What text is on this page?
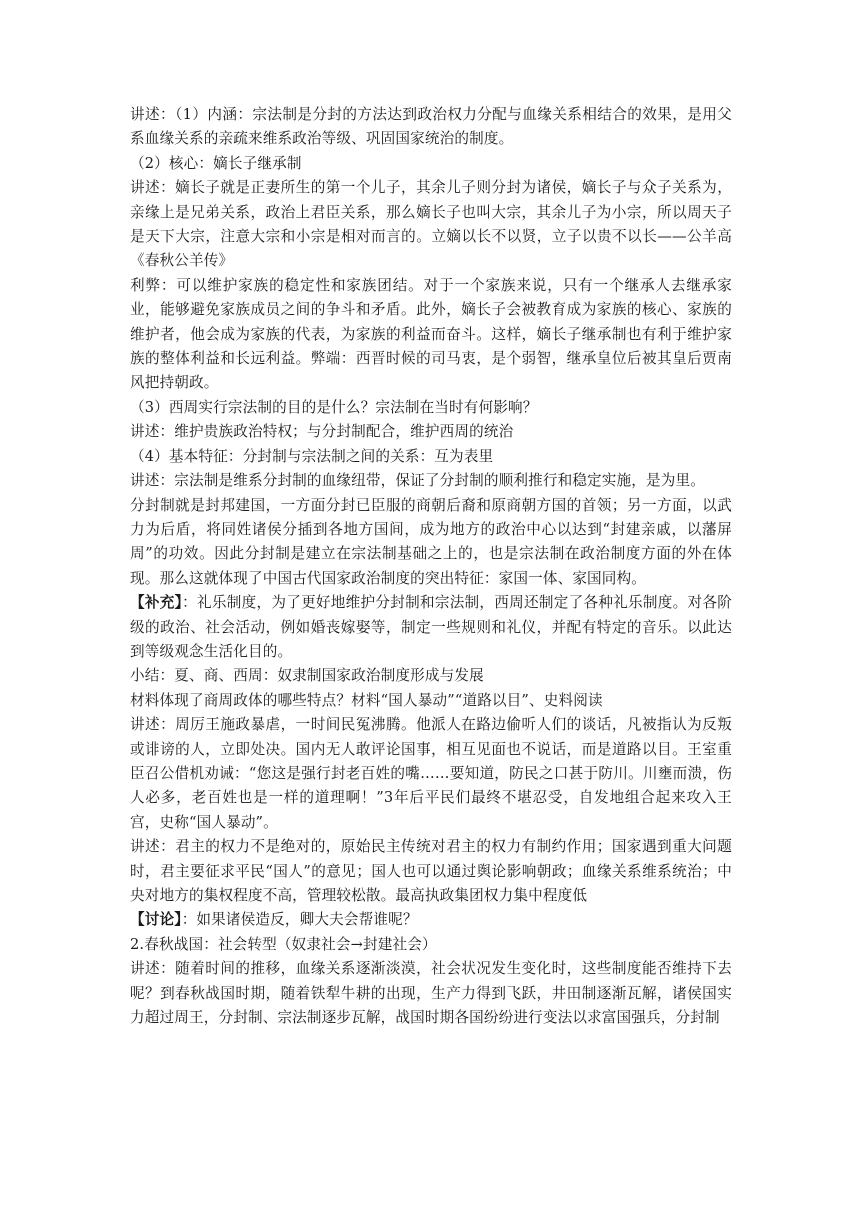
讲述：（1）内涵：宗法制是分封的方法达到政治权力分配与血缘关系相结合的效果，是用父系血缘关系的亲疏来维系政治等级、巩固国家统治的制度。

（2）核心：嫡长子继承制

讲述：嫡长子就是正妻所生的第一个儿子，其余儿子则分封为诸侯，嫡长子与众子关系为，亲缘上是兄弟关系，政治上君臣关系，那么嫡长子也叫大宗，其余儿子为小宗，所以周天子是天下大宗，注意大宗和小宗是相对而言的。立嫡以长不以贤，立子以贵不以长——公羊高《春秋公羊传》

利弊：可以维护家族的稳定性和家族团结。对于一个家族来说，只有一个继承人去继承家业，能够避免家族成员之间的争斗和矛盾。此外，嫡长子会被教育成为家族的核心、家族的维护者，他会成为家族的代表，为家族的利益而奋斗。这样，嫡长子继承制也有利于维护家族的整体利益和长远利益。弊端：西晋时候的司马衷，是个弱智，继承皇位后被其皇后贾南风把持朝政。

（3）西周实行宗法制的目的是什么？宗法制在当时有何影响？

讲述：维护贵族政治特权；与分封制配合，维护西周的统治

（4）基本特征：分封制与宗法制之间的关系：互为表里

讲述：宗法制是维系分封制的血缘纽带，保证了分封制的顺利推行和稳定实施，是为里。

分封制就是封邦建国，一方面分封已臣服的商朝后裔和原商朝方国的首领；另一方面，以武力为后盾，将同姓诸侯分插到各地方国间，成为地方的政治中心以达到“封建亲戚，以藩屏周”的功效。因此分封制是建立在宗法制基础之上的，也是宗法制在政治制度方面的外在体现。那么这就体现了中国古代国家政治制度的突出特征：家国一体、家国同构。

【补充】：礼乐制度，为了更好地维护分封制和宗法制，西周还制定了各种礼乐制度。对各阶级的政治、社会活动，例如婚丧嫁娶等，制定一些规则和礼仪，并配有特定的音乐。以此达到等级观念生活化目的。

小结：夏、商、西周：奴隶制国家政治制度形成与发展

材料体现了商周政体的哪些特点？材料“国人暴动”“道路以目”、史料阅读

讲述：周厉王施政暴虐，一时间民冤沸腾。他派人在路边偷听人们的谈话，凡被指认为反叛或诽谤的人，立即处决。国内无人敢评论国事，相互见面也不说话，而是道路以目。王室重臣召公借机劝诫：“您这是强行封老百姓的嘴……要知道，防民之口甚于防川。川壅而溃，伤人必多，老百姓也是一样的道理啊！”3年后平民们最终不堪忍受，自发地组合起来攻入王宫，史称“国人暴动”。

讲述：君主的权力不是绝对的，原始民主传统对君主的权力有制约作用；国家遇到重大问题时，君主要征求平民“国人”的意见；国人也可以通过舆论影响朝政；血缘关系维系统治；中央对地方的集权程度不高，管理较松散。最高执政集团权力集中程度低

【讨论】：如果诸侯造反，卿大夫会帮谁呢？

2.春秋战国：社会转型（奴隶社会→封建社会）

讲述：随着时间的推移，血缘关系逐渐淡漠，社会状况发生变化时，这些制度能否维持下去呢？到春秋战国时期，随着铁犁牛耕的出现，生产力得到飞跃，井田制逐渐瓦解，诸侯国实力超过周王，分封制、宗法制逐步瓦解，战国时期各国纷纷进行变法以求富国强兵，分封制
